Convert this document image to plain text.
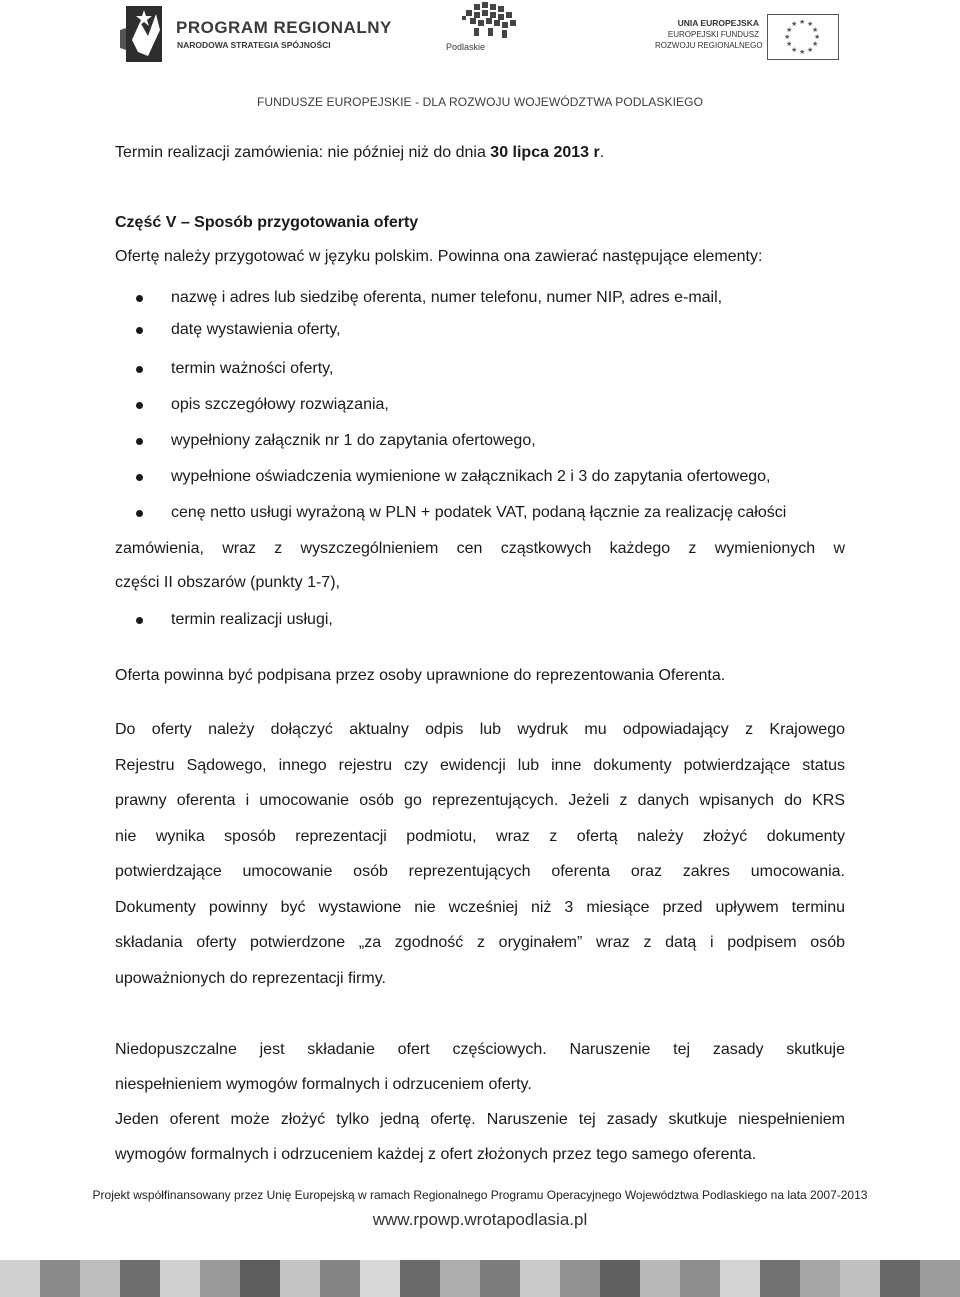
PROGRAM REGIONALNY
NARODOWA STRATEGIA SPÓJNOŚCI	Podlaskie
UNIA EUROPEJSKA
EUROPEJSKI FUNDUSZ
ROZWOJU REGIONALNEGO
★ ★
★
★
★
★
★
★
★
★
★
★
FUNDUSZE EUROPEJSKIE - DLA ROZWOJU WOJEWÓDZTWA PODLASKIEGO
Termin realizacji zamówienia: nie później niż do dnia 30 lipca 2013 r.
Część V – Sposób przygotowania oferty
Ofertę należy przygotować w języku polskim. Powinna ona zawierać następujące elementy:
nazwę i adres lub siedzibę oferenta, numer telefonu, numer NIP, adres e-mail,
datę wystawienia oferty,
termin ważności oferty,
opis szczegółowy rozwiązania,
wypełniony załącznik nr 1 do zapytania ofertowego,
wypełnione oświadczenia wymienione w załącznikach 2 i 3 do zapytania ofertowego,
cenę netto usługi wyrażoną w PLN + podatek VAT, podaną łącznie za realizację całości
zamówienia, wraz z wyszczególnieniem cen cząstkowych każdego z wymienionych w
części II obszarów (punkty 1-7),
termin realizacji usługi,
Oferta powinna być podpisana przez osoby uprawnione do reprezentowania Oferenta.
Do oferty należy dołączyć aktualny odpis lub wydruk mu odpowiadający z Krajowego
Rejestru Sądowego, innego rejestru czy ewidencji lub inne dokumenty potwierdzające status
prawny oferenta i umocowanie osób go reprezentujących. Jeżeli z danych wpisanych do KRS
nie wynika sposób reprezentacji podmiotu, wraz z ofertą należy złożyć dokumenty
potwierdzające umocowanie osób reprezentujących oferenta oraz zakres umocowania.
Dokumenty powinny być wystawione nie wcześniej niż 3 miesiące przed upływem terminu
składania oferty potwierdzone „za zgodność z oryginałem” wraz z datą i podpisem osób
upoważnionych do reprezentacji firmy.
Niedopuszczalne jest składanie ofert częściowych. Naruszenie tej zasady skutkuje
niespełnieniem wymogów formalnych i odrzuceniem oferty.
Jeden oferent może złożyć tylko jedną ofertę. Naruszenie tej zasady skutkuje niespełnieniem
wymogów formalnych i odrzuceniem każdej z ofert złożonych przez tego samego oferenta.
Projekt współfinansowany przez Unię Europejską w ramach Regionalnego Programu Operacyjnego Województwa Podlaskiego na lata 2007-2013
www.rpowp.wrotapodlasia.pl
